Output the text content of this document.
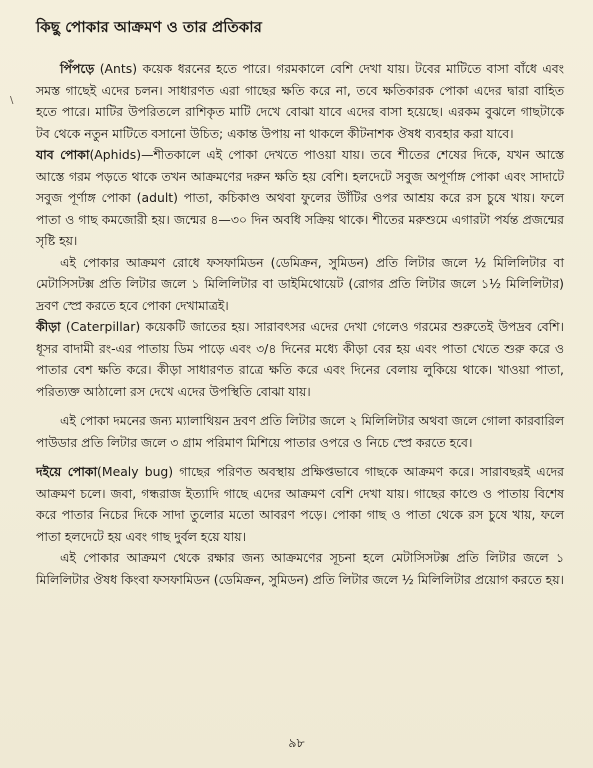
কিছু পোকার আক্রমণ ও তার প্রতিকার
\

পিঁপড়ে (Ants) কয়েক ধরনের হতে পারে। গরমকালে বেশি দেখা যায়। টবের মাটিতে বাসা বাঁধে এবং সমস্ত গাছেই এদের চলন। সাধারণত এরা গাছের ক্ষতি করে না, তবে ক্ষতিকারক পোকা এদের দ্বারা বাহিত হতে পারে। মাটির উপরিতলে রাশিকৃত মাটি দেখে বোঝা যাবে এদের বাসা হয়েছে। এরকম বুঝলে গাছটাকে টব থেকে নতুন মাটিতে বসানো উচিত; একান্ত উপায় না থাকলে কীটনাশক ঔষধ ব্যবহার করা যাবে।

যাব পোকা(Aphids)—শীতকালে এই পোকা দেখতে পাওয়া যায়। তবে শীতের শেষের দিকে, যখন আস্তে আস্তে গরম পড়তে থাকে তখন আক্রমণের দরুন ক্ষতি হয় বেশি। হলদেটে সবুজ অপূর্ণাঙ্গ পোকা এবং সাদাটে সবুজ পূর্ণাঙ্গ পোকা (adult) পাতা, কচিকাণ্ড অথবা ফুলের উাঁটির ওপর আশ্রয় করে রস চুষে খায়। ফলে পাতা ও গাছ কমজোরী হয়। জন্মের ৪—৩০ দিন অবধি সক্রিয় থাকে। শীতের মরুশুমে এগারটা পর্যন্ত প্রজন্মের সৃষ্টি হয়।

এই পোকার আক্রমণ রোধে ফসফামিডন (ডেমিক্রন, সুমিডন) প্রতি লিটার জলে ½ মিলিলিটার বা মেটাসিসটক্স প্রতি লিটার জলে ১ মিলিলিটার বা ডাইমিথোয়েট (রোগর প্রতি লিটার জলে ১½ মিলিলিটার) দ্রবণ স্প্রে করতে হবে পোকা দেখামাত্রই।

কীড়া (Caterpillar) কয়েকটি জাতের হয়। সারাবৎসর এদের দেখা গেলেও গরমের শুরুতেই উপদ্রব বেশি। ধূসর বাদামী রং-এর পাতায় ডিম পাড়ে এবং ৩/৪ দিনের মধ্যে কীড়া বের হয় এবং পাতা খেতে শুরু করে ও পাতার বেশ ক্ষতি করে। কীড়া সাধারণত রাত্রে ক্ষতি করে এবং দিনের বেলায় লুকিয়ে থাকে। খাওয়া পাতা, পরিত্যক্ত আঠালো রস দেখে এদের উপস্থিতি বোঝা যায়।

এই পোকা দমনের জন্য ম্যালাথিয়ন দ্রবণ প্রতি লিটার জলে ২ মিলিলিটার অথবা জলে গোলা কারবারিল পাউডার প্রতি লিটার জলে ৩ গ্রাম পরিমাণ মিশিয়ে পাতার ওপরে ও নিচে স্প্রে করতে হবে।

দইয়ে পোকা(Mealy bug) গাছের পরিণত অবস্থায় প্রক্ষিপ্তভাবে গাছকে আক্রমণ করে। সারাবছরই এদের আক্রমণ চলে। জবা, গন্ধরাজ ইত্যাদি গাছে এদের আক্রমণ বেশি দেখা যায়। গাছের কাণ্ডে ও পাতায় বিশেষ করে পাতার নিচের দিকে সাদা তুলোর মতো আবরণ পড়ে। পোকা গাছ ও পাতা থেকে রস চুষে খায়, ফলে পাতা হলদেটে হয় এবং গাছ দুর্বল হয়ে যায়।

এই পোকার আক্রমণ থেকে রক্ষার জন্য আক্রমণের সূচনা হলে মেটাসিসটক্স প্রতি লিটার জলে ১ মিলিলিটার ঔষধ কিংবা ফসফামিডন (ডেমিক্রন, সুমিডন) প্রতি লিটার জলে ½ মিলিলিটার প্রয়োগ করতে হয়।

৯৮
